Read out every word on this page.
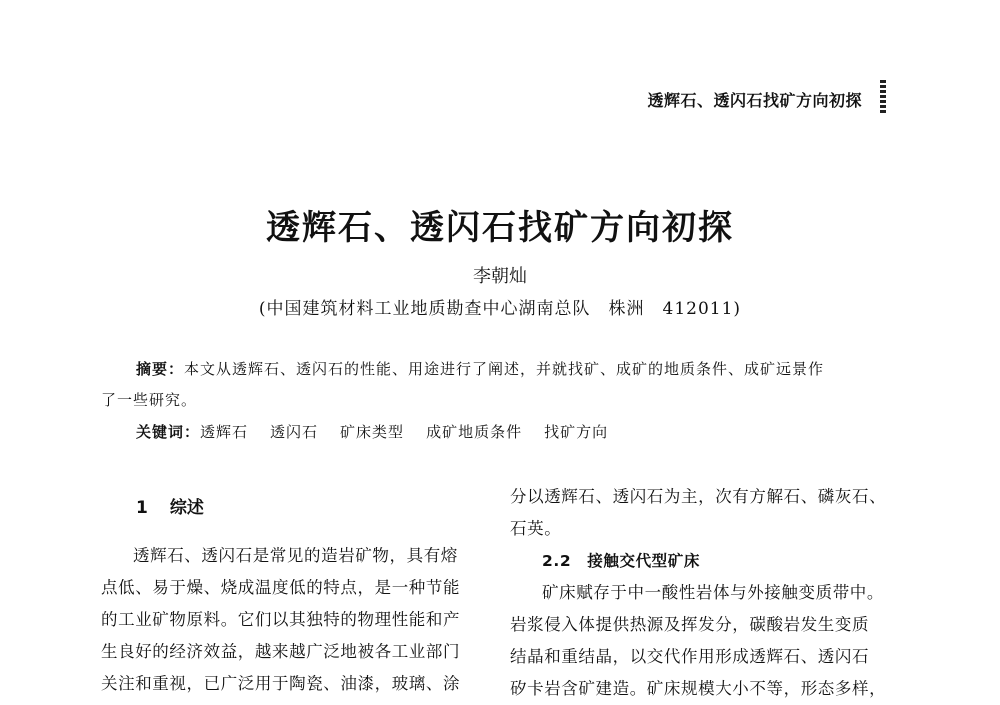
透辉石、透闪石找矿方向初探
透辉石、透闪石找矿方向初探
李朝灿
(中国建筑材料工业地质勘查中心湖南总队　株洲　412011)
摘要：本文从透辉石、透闪石的性能、用途进行了阐述，并就找矿、成矿的地质条件、成矿远景作
了一些研究。
关键词：透辉石 透闪石 矿床类型 成矿地质条件 找矿方向
1 综述
透辉石、透闪石是常见的造岩矿物，具有熔
点低、易于燥、烧成温度低的特点，是一种节能
的工业矿物原料。它们以其独特的物理性能和产
生良好的经济效益，越来越广泛地被各工业部门
关注和重视，已广泛用于陶瓷、油漆，玻璃、涂
分以透辉石、透闪石为主，次有方解石、磷灰石、
石英。
2.2 接触交代型矿床
矿床赋存于中一酸性岩体与外接触变质带中。
岩浆侵入体提供热源及挥发分，碳酸岩发生变质
结晶和重结晶，以交代作用形成透辉石、透闪石
矽卡岩含矿建造。矿床规模大小不等，形态多样，
